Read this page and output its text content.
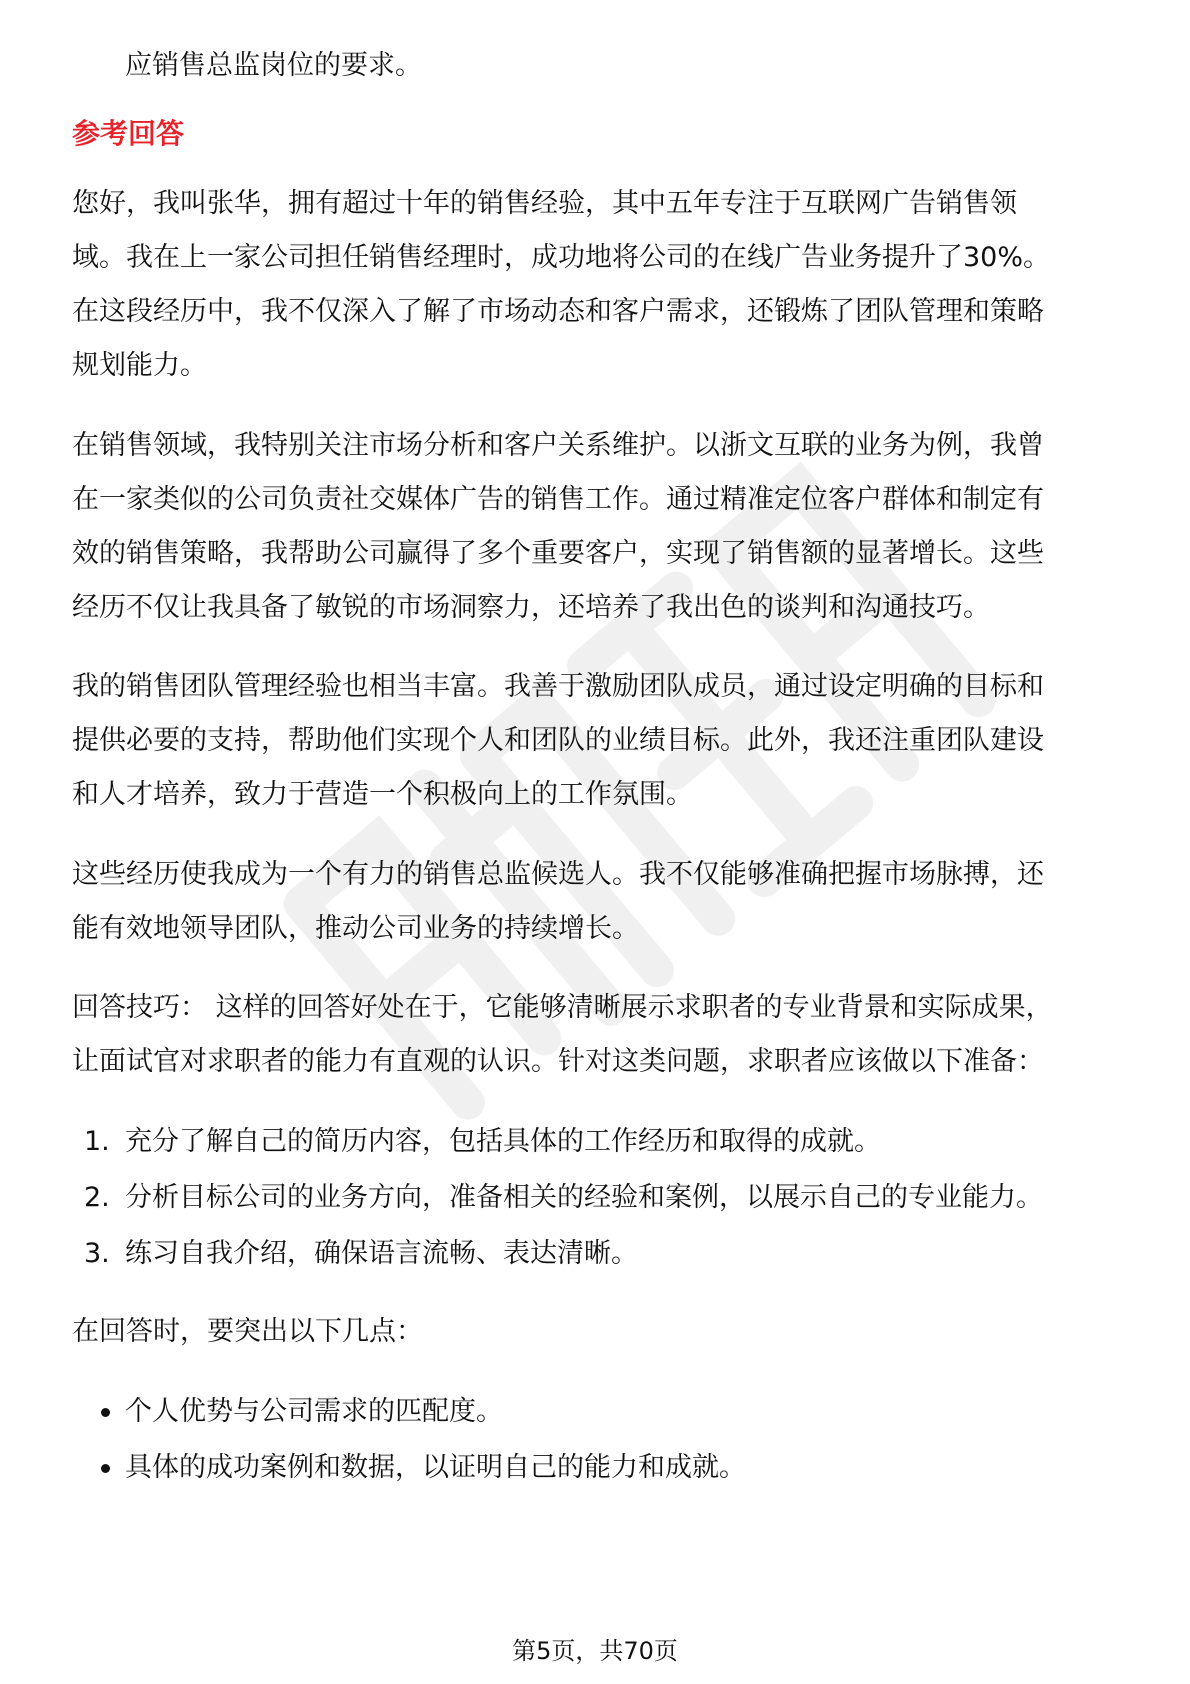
应销售总监岗位的要求。
参考回答
您好，我叫张华，拥有超过十年的销售经验，其中五年专注于互联网广告销售领
域。我在上一家公司担任销售经理时，成功地将公司的在线广告业务提升了30%。
在这段经历中，我不仅深入了解了市场动态和客户需求，还锻炼了团队管理和策略
规划能力。
在销售领域，我特别关注市场分析和客户关系维护。以浙文互联的业务为例，我曾
在一家类似的公司负责社交媒体广告的销售工作。通过精准定位客户群体和制定有
效的销售策略，我帮助公司赢得了多个重要客户，实现了销售额的显著增长。这些
经历不仅让我具备了敏锐的市场洞察力，还培养了我出色的谈判和沟通技巧。
我的销售团队管理经验也相当丰富。我善于激励团队成员，通过设定明确的目标和
提供必要的支持，帮助他们实现个人和团队的业绩目标。此外，我还注重团队建设
和人才培养，致力于营造一个积极向上的工作氛围。
这些经历使我成为一个有力的销售总监候选人。我不仅能够准确把握市场脉搏，还
能有效地领导团队，推动公司业务的持续增长。
回答技巧： 这样的回答好处在于，它能够清晰展示求职者的专业背景和实际成果，
让面试官对求职者的能力有直观的认识。针对这类问题，求职者应该做以下准备：
1. 充分了解自己的简历内容，包括具体的工作经历和取得的成就。
2. 分析目标公司的业务方向，准备相关的经验和案例，以展示自己的专业能力。
3. 练习自我介绍，确保语言流畅、表达清晰。
在回答时，要突出以下几点：
个人优势与公司需求的匹配度。
具体的成功案例和数据，以证明自己的能力和成就。
第5页，共70页
